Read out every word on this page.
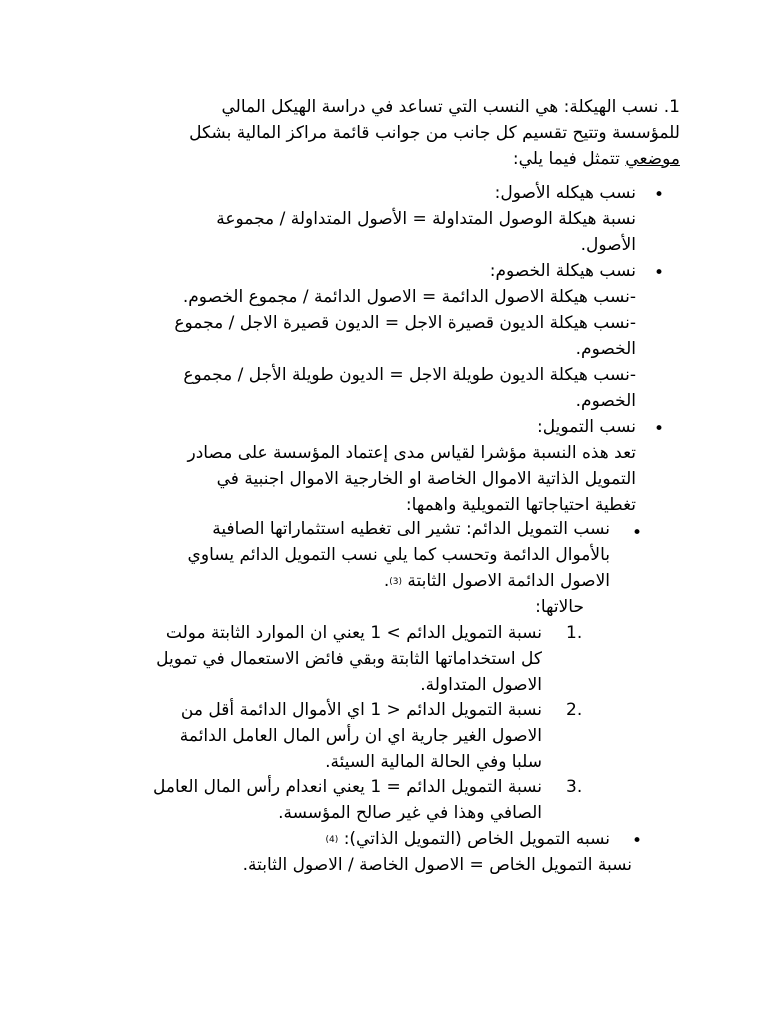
1. نسب الهيكلة: هي النسب التي تساعد في دراسة الهيكل المالي
للمؤسسة وتتيح تقسيم كل جانب من جوانب قائمة مراكز المالية بشكل
موضعي تتمثل فيما يلي:
•
نسب هيكله الأصول:
نسبة هيكلة الوصول المتداولة = الأصول المتداولة / مجموعة
الأصول.
•
نسب هيكلة الخصوم:
-نسب هيكلة الاصول الدائمة = الاصول الدائمة / مجموع الخصوم.
-نسب هيكلة الديون قصيرة الاجل = الديون قصيرة الاجل / مجموع
الخصوم.
-نسب هيكلة الديون طويلة الاجل = الديون طويلة الأجل / مجموع
الخصوم.
•
نسب التمويل:
تعد هذه النسبة مؤشرا لقياس مدى إعتماد المؤسسة على مصادر
التمويل الذاتية الاموال الخاصة او الخارجية الاموال اجنبية في
تغطية احتياجاتها التمويلية واهمها:
•
نسب التمويل الدائم: تشير الى تغطيه استثماراتها الصافية
بالأموال الدائمة وتحسب كما يلي نسب التمويل الدائم يساوي
الاصول الدائمة الاصول الثابتة $^{(3)}$.
حالاتها:
1.
نسبة التمويل الدائم > 1 يعني ان الموارد الثابتة مولت
كل استخداماتها الثابتة وبقي فائض الاستعمال في تمويل
الاصول المتداولة.
2.
نسبة التمويل الدائم < 1 اي الأموال الدائمة أقل من
الاصول الغير جارية اي ان رأس المال العامل الدائمة
سلبا وفي الحالة المالية السيئة.
3.
نسبة التمويل الدائم = 1 يعني انعدام رأس المال العامل
الصافي وهذا في غير صالح المؤسسة.
•
نسبه التمويل الخاص (التمويل الذاتي): $^{(4)}$
نسبة التمويل الخاص = الاصول الخاصة / الاصول الثابتة.
